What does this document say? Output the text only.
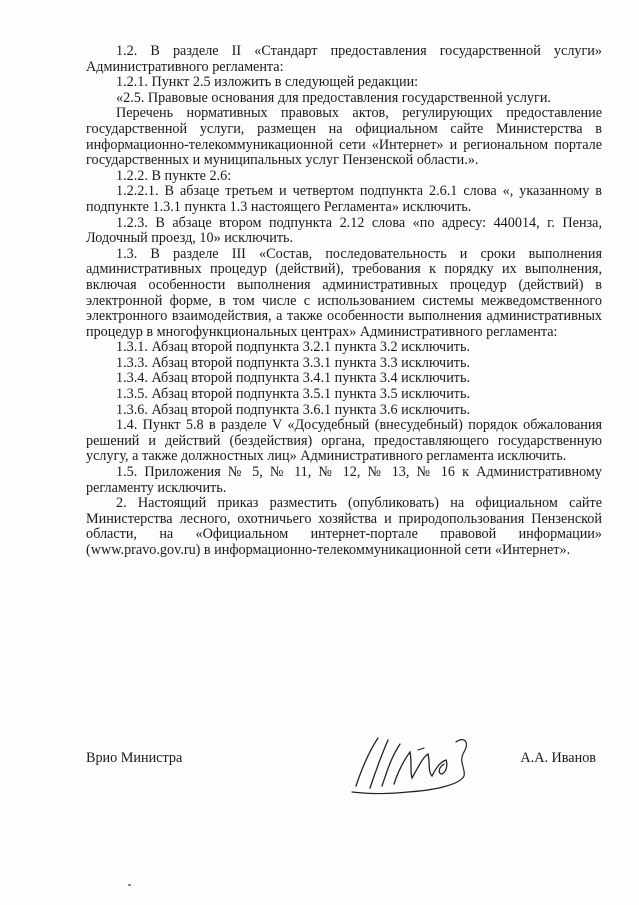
1.2. В разделе II «Стандарт предоставления государственной услуги» Административного регламента:

1.2.1. Пункт 2.5 изложить в следующей редакции:

«2.5. Правовые основания для предоставления государственной услуги.

Перечень нормативных правовых актов, регулирующих предоставление государственной услуги, размещен на официальном сайте Министерства в информационно-телекоммуникационной сети «Интернет» и региональном портале государственных и муниципальных услуг Пензенской области.».

1.2.2. В пункте 2.6:

1.2.2.1. В абзаце третьем и четвертом подпункта 2.6.1 слова «, указанному в подпункте 1.3.1 пункта 1.3 настоящего Регламента» исключить.

1.2.3. В абзаце втором подпункта 2.12 слова «по адресу: 440014, г. Пенза, Лодочный проезд, 10» исключить.

1.3. В разделе III «Состав, последовательность и сроки выполнения административных процедур (действий), требования к порядку их выполнения, включая особенности выполнения административных процедур (действий) в электронной форме, в том числе с использованием системы межведомственного электронного взаимодействия, а также особенности выполнения административных процедур в многофункциональных центрах» Административного регламента:

1.3.1. Абзац второй подпункта 3.2.1 пункта 3.2 исключить.

1.3.3. Абзац второй подпункта 3.3.1 пункта 3.3 исключить.

1.3.4. Абзац второй подпункта 3.4.1 пункта 3.4 исключить.

1.3.5. Абзац второй подпункта 3.5.1 пункта 3.5 исключить.

1.3.6. Абзац второй подпункта 3.6.1 пункта 3.6 исключить.

1.4. Пункт 5.8 в разделе V «Досудебный (внесудебный) порядок обжалования решений и действий (бездействия) органа, предоставляющего государственную услугу, а также должностных лиц» Административного регламента исключить.

1.5. Приложения № 5, № 11, № 12, № 13, № 16 к Административному регламенту исключить.

2. Настоящий приказ разместить (опубликовать) на официальном сайте Министерства лесного, охотничьего хозяйства и природопользования Пензенской области, на «Официальном интернет-портале правовой информации» (www.pravo.gov.ru) в информационно-телекоммуникационной сети «Интернет».

Врио Министра	А.А. Иванов
